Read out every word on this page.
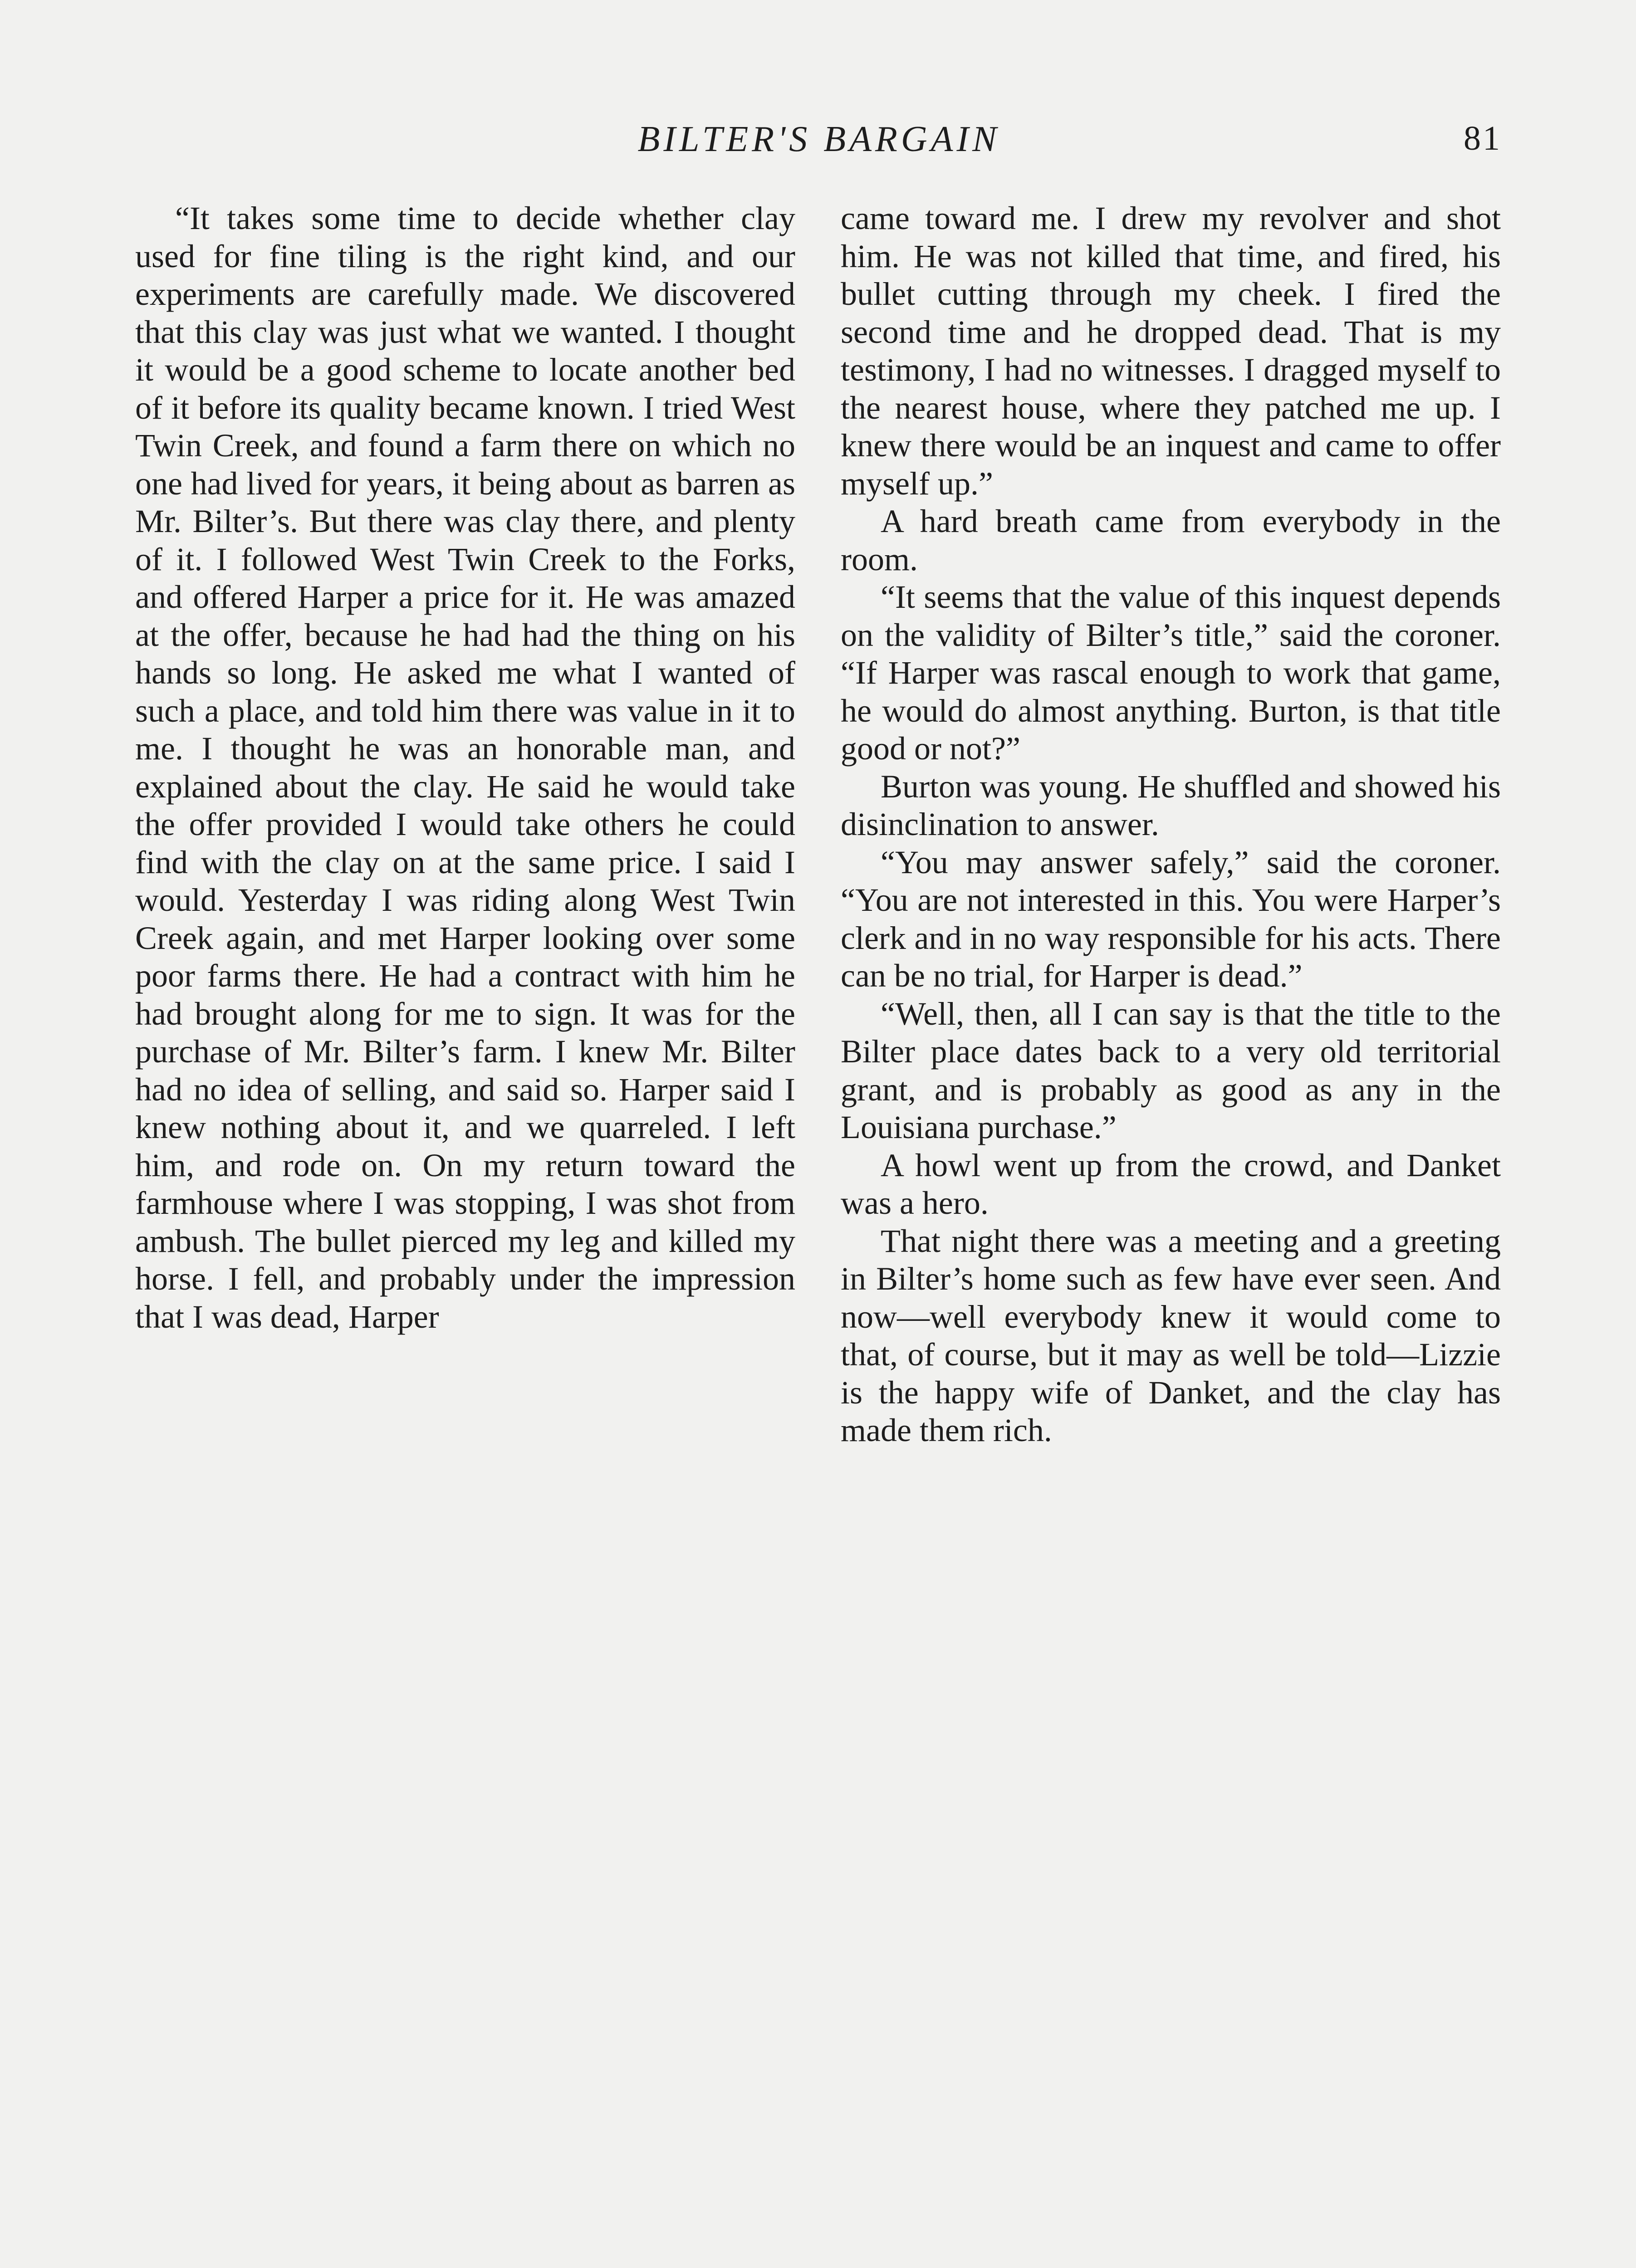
BILTER'S BARGAIN	81

“It takes some time to decide whether clay used for fine tiling is the right kind, and our experiments are carefully made. We discovered that this clay was just what we wanted. I thought it would be a good scheme to locate another bed of it before its quality became known. I tried West Twin Creek, and found a farm there on which no one had lived for years, it being about as barren as Mr. Bilter’s. But there was clay there, and plenty of it. I followed West Twin Creek to the Forks, and offered Harper a price for it. He was amazed at the offer, because he had had the thing on his hands so long. He asked me what I wanted of such a place, and told him there was value in it to me. I thought he was an honorable man, and explained about the clay. He said he would take the offer provided I would take others he could find with the clay on at the same price. I said I would. Yesterday I was riding along West Twin Creek again, and met Harper looking over some poor farms there. He had a contract with him he had brought along for me to sign. It was for the purchase of Mr. Bilter’s farm. I knew Mr. Bilter had no idea of selling, and said so. Harper said I knew nothing about it, and we quarreled. I left him, and rode on. On my return toward the farmhouse where I was stopping, I was shot from ambush. The bullet pierced my leg and killed my horse. I fell, and probably under the impression that I was dead, Harper

came toward me. I drew my revolver and shot him. He was not killed that time, and fired, his bullet cutting through my cheek. I fired the second time and he dropped dead. That is my testimony, I had no witnesses. I dragged myself to the nearest house, where they patched me up. I knew there would be an inquest and came to offer myself up.”

A hard breath came from everybody in the room.

“It seems that the value of this inquest depends on the validity of Bilter’s title,” said the coroner. “If Harper was rascal enough to work that game, he would do almost anything. Burton, is that title good or not?”

Burton was young. He shuffled and showed his disinclination to answer.

“You may answer safely,” said the coroner. “You are not interested in this. You were Harper’s clerk and in no way responsible for his acts. There can be no trial, for Harper is dead.”

“Well, then, all I can say is that the title to the Bilter place dates back to a very old territorial grant, and is probably as good as any in the Louisiana purchase.”

A howl went up from the crowd, and Danket was a hero.

That night there was a meeting and a greeting in Bilter’s home such as few have ever seen. And now—well everybody knew it would come to that, of course, but it may as well be told—Lizzie is the happy wife of Danket, and the clay has made them rich.
